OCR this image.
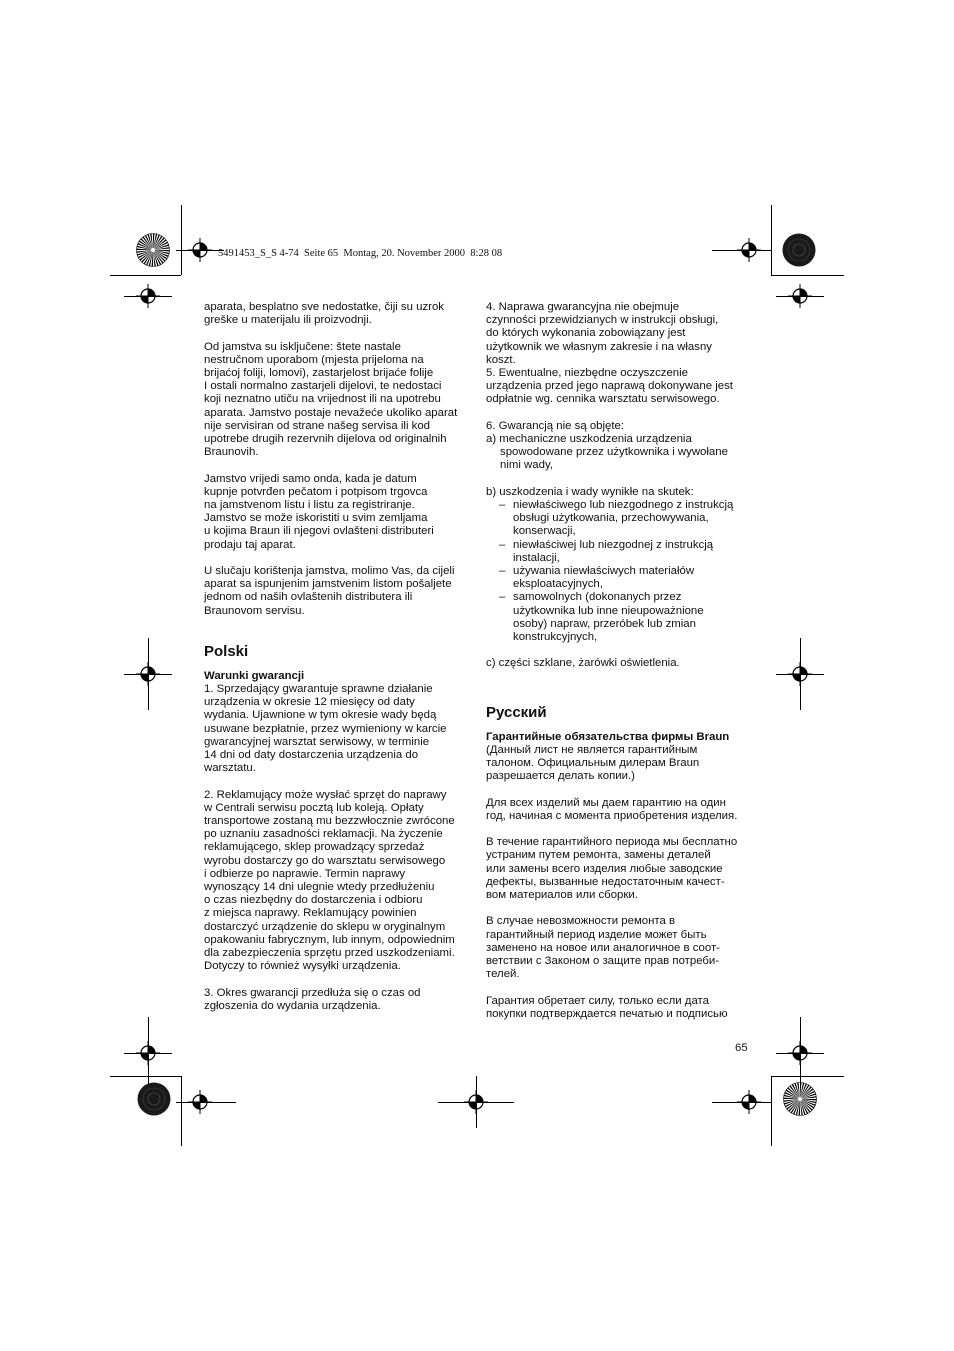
5491453_S_S 4-74  Seite 65  Montag, 20. November 2000  8:28 08

aparata, besplatno sve nedostatke, čiji su uzrok
greške u materijalu ili proizvodnji.

Od jamstva su isključene: štete nastale
nestručnom uporabom (mjesta prijeloma na
brijaćoj foliji, lomovi), zastarjelost brijaće folije
I ostali normalno zastarjeli dijelovi, te nedostaci
koji neznatno utiču na vrijednost ili na upotrebu
aparata. Jamstvo postaje nevažeće ukoliko aparat
nije servisiran od strane našeg servisa ili kod
upotrebe drugih rezervnih dijelova od originalnih
Braunovih.

Jamstvo vrijedi samo onda, kada je datum
kupnje potvrđen pečatom i potpisom trgovca
na jamstvenom listu i listu za registriranje.
Jamstvo se može iskoristiti u svim zemljama
u kojima Braun ili njegovi ovlašteni distributeri
prodaju taj aparat.

U slučaju korištenja jamstva, molimo Vas, da cijeli
aparat sa ispunjenim jamstvenim listom pošaljete
jednom od naših ovlaštenih distributera ili
Braunovom servisu.

Polski
Warunki gwarancji

1. Sprzedający gwarantuje sprawne działanie
urządzenia w okresie 12 miesięcy od daty
wydania. Ujawnione w tym okresie wady będą
usuwane bezpłatnie, przez wymieniony w karcie
gwarancyjnej warsztat serwisowy, w terminie
14 dni od daty dostarczenia urządzenia do
warsztatu.

2. Reklamujący może wysłać sprzęt do naprawy
w Centrali serwisu pocztą lub koleją. Opłaty
transportowe zostaną mu bezzwłocznie zwrócone
po uznaniu zasadności reklamacji. Na życzenie
reklamującego, sklep prowadzący sprzedaż
wyrobu dostarczy go do warsztatu serwisowego
i odbierze po naprawie. Termin naprawy
wynoszący 14 dni ulegnie wtedy przedłużeniu
o czas niezbędny do dostarczenia i odbioru
z miejsca naprawy. Reklamujący powinien
dostarczyć urządzenie do sklepu w oryginalnym
opakowaniu fabrycznym, lub innym, odpowiednim
dla zabezpieczenia sprzętu przed uszkodzeniami.
Dotyczy to również wysyłki urządzenia.

3. Okres gwarancji przedłuża się o czas od
zgłoszenia do wydania urządzenia.

4. Naprawa gwarancyjna nie obejmuje
czynności przewidzianych w instrukcji obsługi,
do których wykonania zobowiązany jest
użytkownik we własnym zakresie i na własny
koszt.

5. Ewentualne, niezbędne oczyszczenie
urządzenia przed jego naprawą dokonywane jest
odpłatnie wg. cennika warsztatu serwisowego.

6. Gwarancją nie są objęte:
a) mechaniczne uszkodzenia urządzenia

spowodowane przez użytkownika i wywołane
nimi wady,

b) uszkodzenia i wady wynikłe na skutek:
– niewłaściwego lub niezgodnego z instrukcją
obsługi użytkowania, przechowywania,
konserwacji,
– niewłaściwej lub niezgodnej z instrukcją
instalacji,
– używania niewłaściwych materiałów
eksploatacyjnych,
– samowolnych (dokonanych przez
użytkownika lub inne nieupoważnione
osoby) napraw, przeróbek lub zmian
konstrukcyjnych,
c) części szklane, żarówki oświetlenia.
Русский
Гарантийные обязательства фирмы Braun

(Данный лист не является гарантийным
талоном. Официальным дилерам Braun
разрешается делать копии.)

Для всех изделий мы даем гарантию на один
год, начиная с момента приобретения изделия.

В течение гарантийного периода мы бесплатно
устраним путем ремонта, замены деталей
или замены всего изделия любые заводские
дефекты, вызванные недостаточным качест-
вом материалов или сборки.

В случае невозможности ремонта в
гарантийный период изделие может быть
заменено на новое или аналогичное в соот-
ветствии с Законом о защите прав потреби-
телей.

Гарантия обретает силу, только если дата
покупки подтверждается печатью и подписью

65
